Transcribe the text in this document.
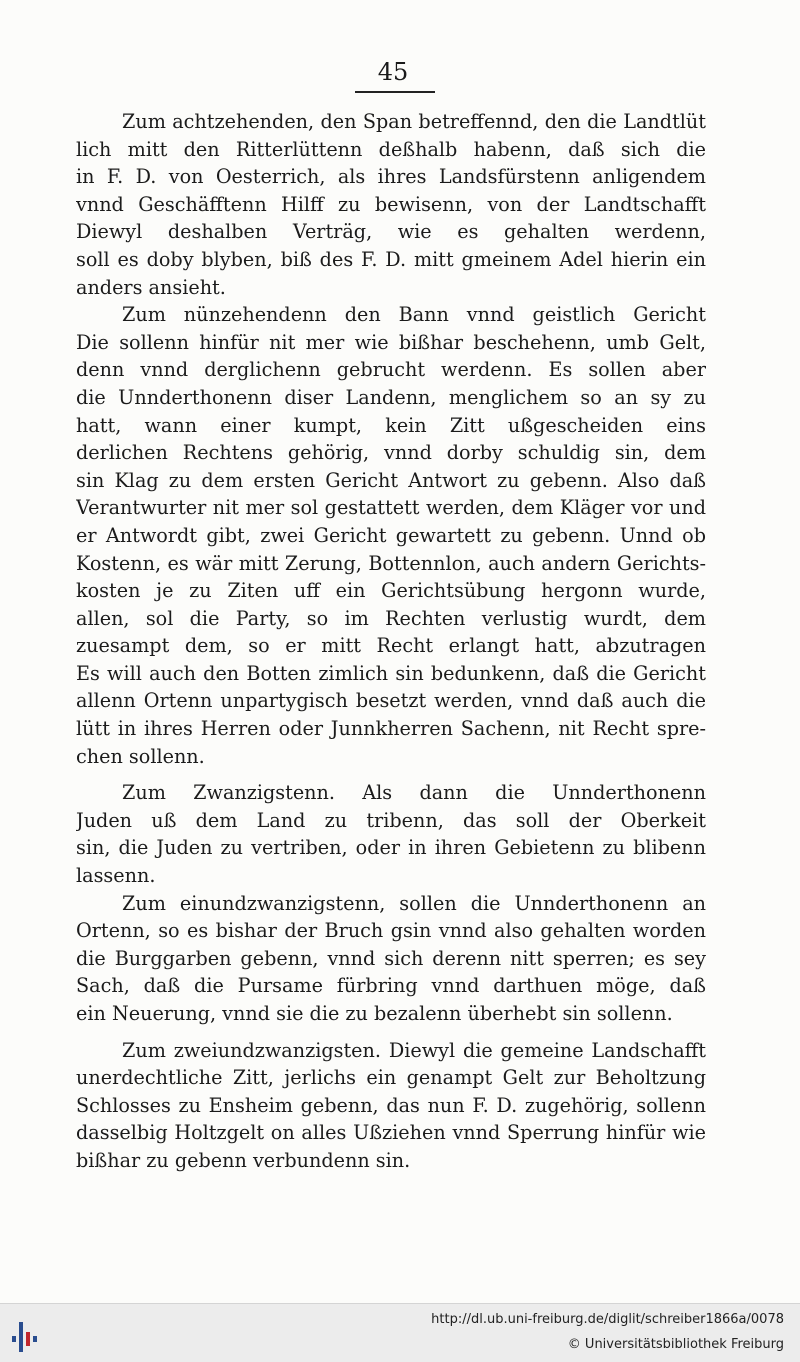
45
Zum achtzehenden, den Span betreffennd, den die Landtlüt
lich mitt den Ritterlüttenn deßhalb habenn, daß sich die
in F. D. von Oesterrich, als ihres Landsfürstenn anligendem
vnnd Geschäfftenn Hilff zu bewisenn, von der Landtschafft
Diewyl deshalben Verträg, wie es gehalten werdenn,
soll es doby blyben, biß des F. D. mitt gmeinem Adel hierin ein
anders ansieht.
Zum nünzehendenn den Bann vnnd geistlich Gericht
Die sollenn hinfür nit mer wie bißhar beschehenn, umb Gelt,
denn vnnd derglichenn gebrucht werdenn. Es sollen aber
die Unnderthonenn diser Landenn, menglichem so an sy zu
hatt, wann einer kumpt, kein Zitt ußgescheiden eins
derlichen Rechtens gehörig, vnnd dorby schuldig sin, dem
sin Klag zu dem ersten Gericht Antwort zu gebenn. Also daß
Verantwurter nit mer sol gestattett werden, dem Kläger vor und
er Antwordt gibt, zwei Gericht gewartett zu gebenn. Unnd ob
Kostenn, es wär mitt Zerung, Bottennlon, auch andern Gerichts-
kosten je zu Ziten uff ein Gerichtsübung hergonn wurde,
allen, sol die Party, so im Rechten verlustig wurdt, dem
zuesampt dem, so er mitt Recht erlangt hatt, abzutragen
Es will auch den Botten zimlich sin bedunkenn, daß die Gericht
allenn Ortenn unpartygisch besetzt werden, vnnd daß auch die
lütt in ihres Herren oder Junnkherren Sachenn, nit Recht spre-
chen sollenn.
Zum Zwanzigstenn. Als dann die Unnderthonenn
Juden uß dem Land zu tribenn, das soll der Oberkeit
sin, die Juden zu vertriben, oder in ihren Gebietenn zu blibenn
lassenn.
Zum einundzwanzigstenn, sollen die Unnderthonenn an
Ortenn, so es bishar der Bruch gsin vnnd also gehalten worden
die Burggarben gebenn, vnnd sich derenn nitt sperren; es sey
Sach, daß die Pursame fürbring vnnd darthuen möge, daß
ein Neuerung, vnnd sie die zu bezalenn überhebt sin sollenn.
Zum zweiundzwanzigsten. Diewyl die gemeine Landschafft
unerdechtliche Zitt, jerlichs ein genampt Gelt zur Beholtzung
Schlosses zu Ensheim gebenn, das nun F. D. zugehörig, sollenn
dasselbig Holtzgelt on alles Ußziehen vnnd Sperrung hinfür wie
bißhar zu gebenn verbundenn sin.
http://dl.ub.uni-freiburg.de/diglit/schreiber1866a/0078
© Universitätsbibliothek Freiburg
